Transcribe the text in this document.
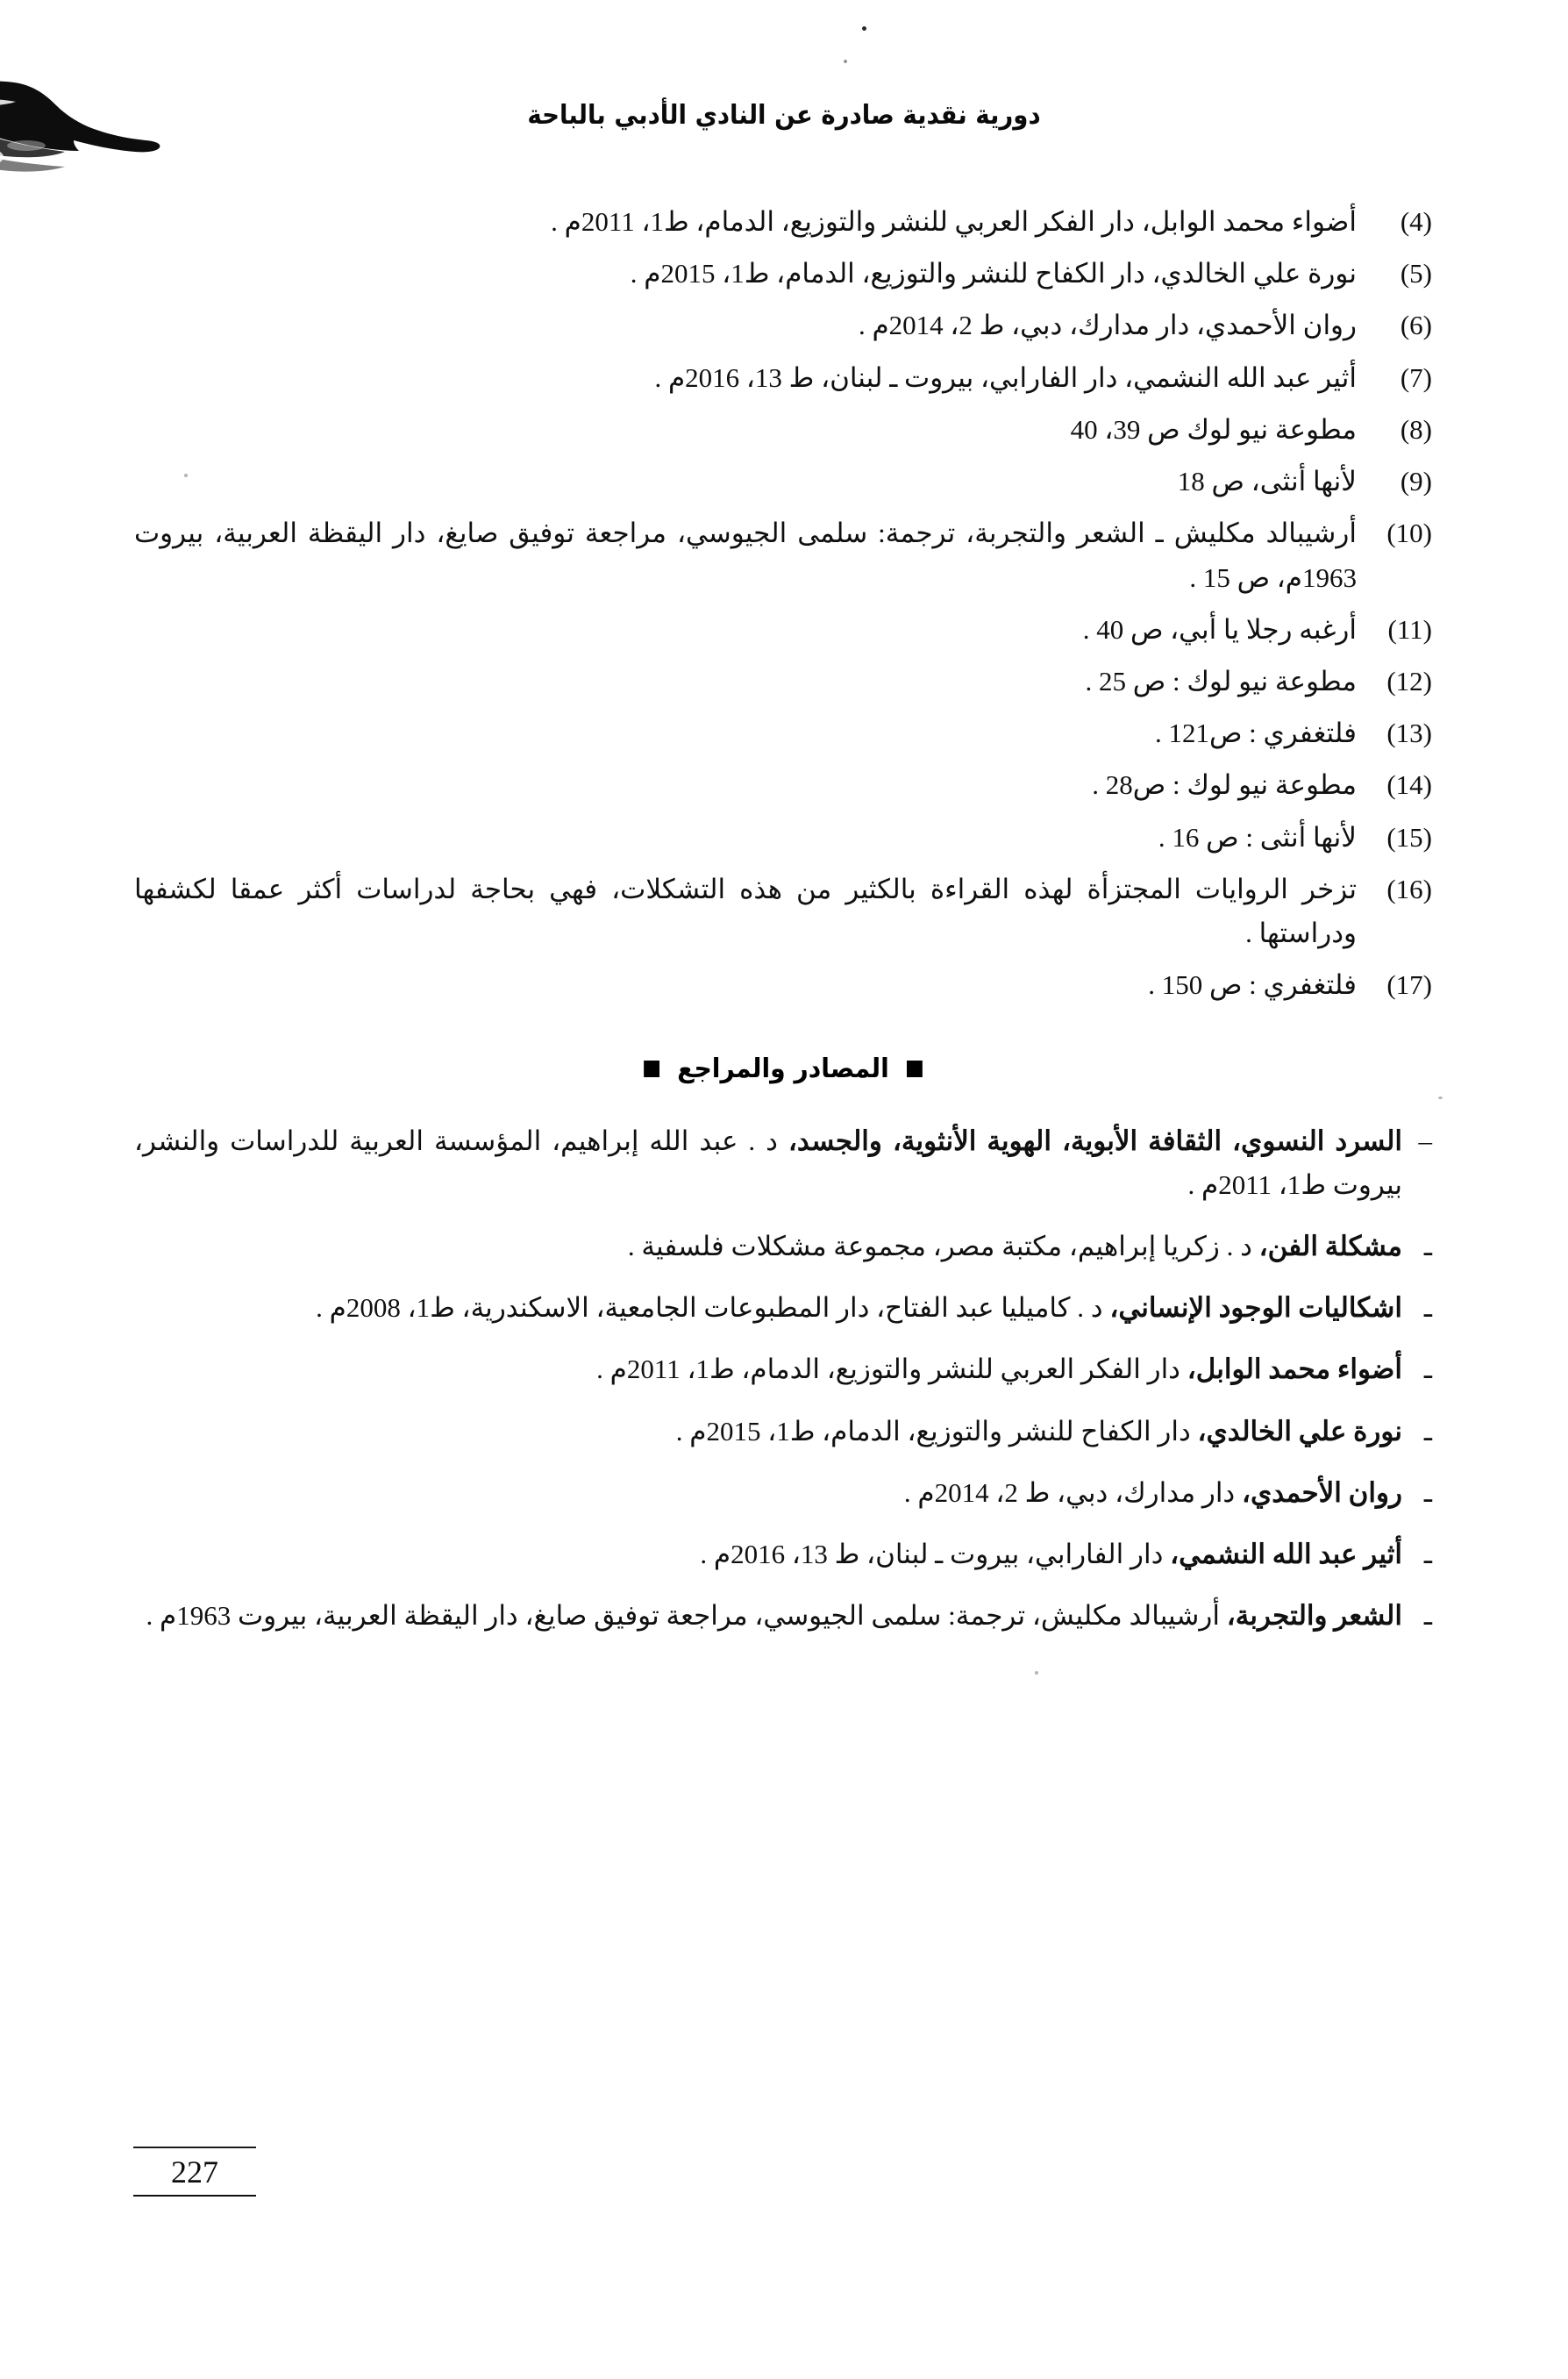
دورية نقدية صادرة عن النادي الأدبي بالباحة
(4)
أضواء محمد الوابل، دار الفكر العربي للنشر والتوزيع، الدمام، ط1، 2011م .
(5)
نورة علي الخالدي، دار الكفاح للنشر والتوزيع، الدمام، ط1، 2015م .
(6)
روان الأحمدي، دار مدارك، دبي، ط 2، 2014م .
(7)
أثير عبد الله النشمي، دار الفارابي، بيروت ـ لبنان، ط 13، 2016م .
(8)
مطوعة نيو لوك ص 39، 40
(9)
لأنها أنثى، ص 18
(10)
أرشيبالد مكليش ـ الشعر والتجربة، ترجمة: سلمى الجيوسي، مراجعة توفيق صايغ، دار اليقظة العربية، بيروت 1963م، ص 15 .
(11)
أرغبه رجلا يا أبي، ص 40 .
(12)
مطوعة نيو لوك : ص 25 .
(13)
فلتغفري : ص121 .
(14)
مطوعة نيو لوك : ص28 .
(15)
لأنها أنثى : ص 16 .
(16)
تزخر الروايات المجتزأة لهذه القراءة بالكثير من هذه التشكلات، فهي بحاجة لدراسات أكثر عمقا لكشفها ودراستها .
(17)
فلتغفري : ص 150 .
المصادر والمراجع
–
السرد النسوي، الثقافة الأبوية، الهوية الأنثوية، والجسد، د . عبد الله إبراهيم، المؤسسة العربية للدراسات والنشر، بيروت ط1، 2011م .
ـ
مشكلة الفن، د . زكريا إبراهيم، مكتبة مصر، مجموعة مشكلات فلسفية .
ـ
اشكاليات الوجود الإنساني، د . كاميليا عبد الفتاح، دار المطبوعات الجامعية، الاسكندرية، ط1، 2008م .
ـ
أضواء محمد الوابل، دار الفكر العربي للنشر والتوزيع، الدمام، ط1، 2011م .
ـ
نورة علي الخالدي، دار الكفاح للنشر والتوزيع، الدمام، ط1، 2015م .
ـ
روان الأحمدي، دار مدارك، دبي، ط 2، 2014م .
ـ
أثير عبد الله النشمي، دار الفارابي، بيروت ـ لبنان، ط 13، 2016م .
ـ
الشعر والتجربة، أرشيبالد مكليش، ترجمة: سلمى الجيوسي، مراجعة توفيق صايغ، دار اليقظة العربية، بيروت 1963م .
227
